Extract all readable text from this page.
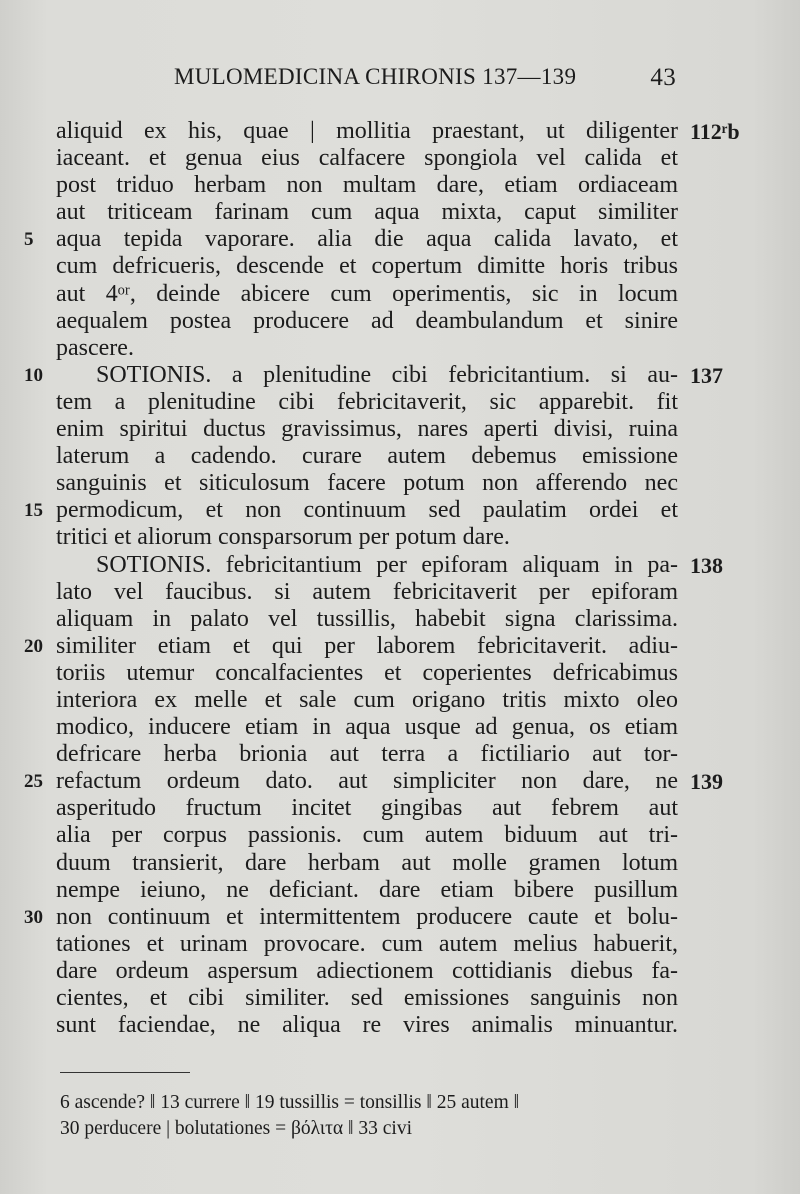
MULOMEDICINA CHIRONIS 137—139	43
aliquid ex his, quae | mollitia praestant, ut diligenter 112ʳb
iaceant. et genua eius calfacere spongiola vel calida et
post triduo herbam non multam dare, etiam ordiaceam
aut triticeam farinam cum aqua mixta, caput similiter
aqua tepida vaporare. alia die aqua calida lavato, et
5
cum defricueris, descende et copertum dimitte horis tribus
aut 4ᵒʳ, deinde abicere cum operimentis, sic in locum
aequalem postea producere ad deambulandum et sinire
pascere.
SOTIONIS. a plenitudine cibi febricitantium. si au-
10	137
tem a plenitudine cibi febricitaverit, sic apparebit. fit
enim spiritui ductus gravissimus, nares aperti divisi, ruina
laterum a cadendo. curare autem debemus emissione
sanguinis et siticulosum facere potum non afferendo nec
permodicum, et non continuum sed paulatim ordei et
15
tritici et aliorum consparsorum per potum dare.
SOTIONIS. febricitantium per epiforam aliquam in pa- 138
lato vel faucibus. si autem febricitaverit per epiforam
aliquam in palato vel tussillis, habebit signa clarissima.
similiter etiam et qui per laborem febricitaverit. adiu-
20
toriis utemur concalfacientes et coperientes defricabimus
interiora ex melle et sale cum origano tritis mixto oleo
modico, inducere etiam in aqua usque ad genua, os etiam
defricare herba brionia aut terra a fictiliario aut tor-
refactum ordeum dato. aut simpliciter non dare, ne
25	139
asperitudo fructum incitet gingibas aut febrem aut
alia per corpus passionis. cum autem biduum aut tri-
duum transierit, dare herbam aut molle gramen lotum
nempe ieiuno, ne deficiant. dare etiam bibere pusillum
non continuum et intermittentem producere caute et bolu-
30
tationes et urinam provocare. cum autem melius habuerit,
dare ordeum aspersum adiectionem cottidianis diebus fa-
cientes, et cibi similiter. sed emissiones sanguinis non
sunt faciendae, ne aliqua re vires animalis minuantur.
6 ascende? ‖ 13 currere ‖ 19 tussillis = tonsillis ‖ 25 autem ‖
30 perducere | bolutationes = βόλιτα ‖ 33 civi
